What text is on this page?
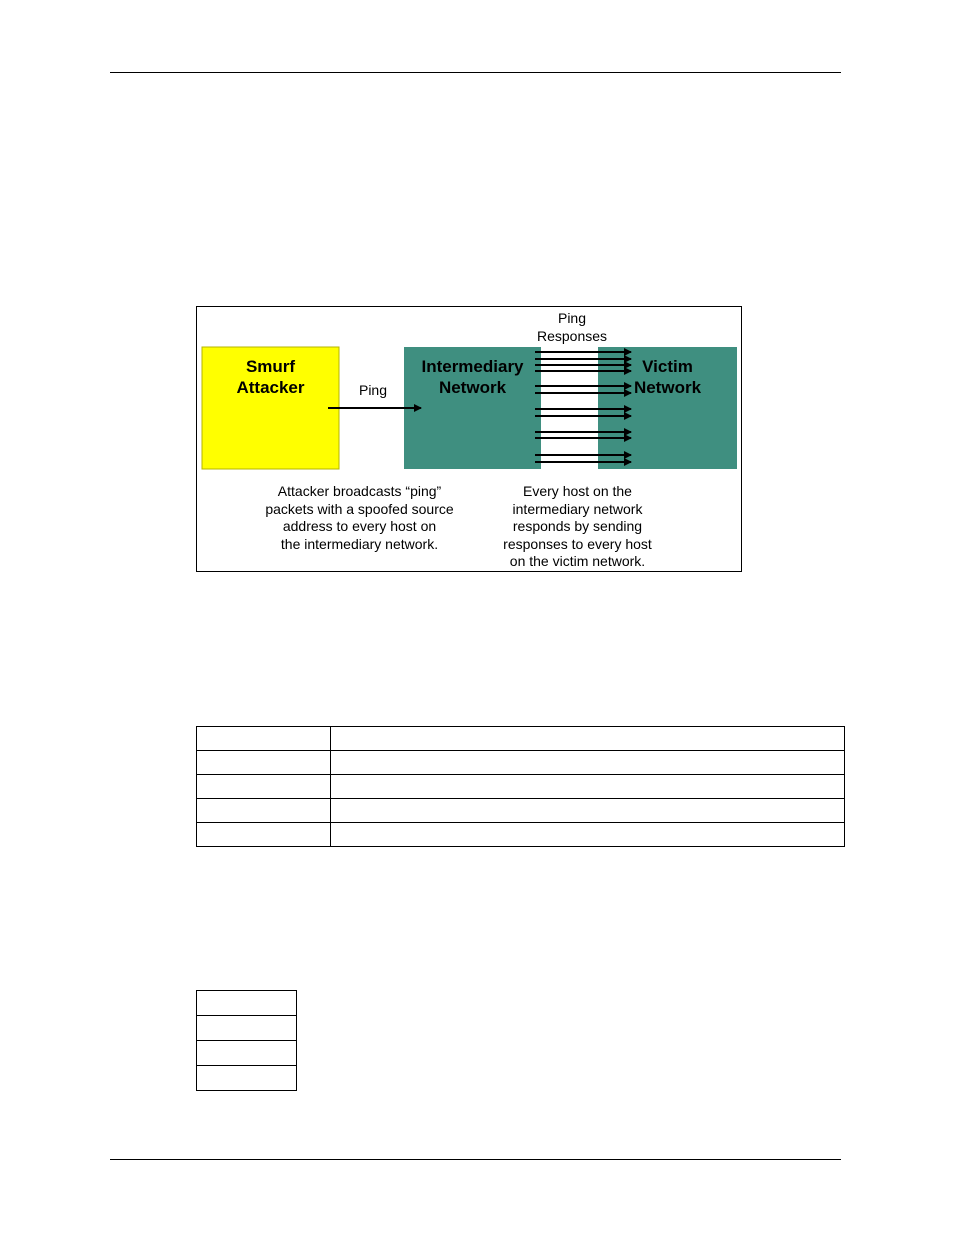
Smurf
Attacker
Intermediary
Network
Victim
Network
Ping
Ping
Responses
Attacker broadcasts “ping”
packets with a spoofed source
address to every host on
the intermediary network.
Every host on the
intermediary network
responds by sending
responses to every host
on the victim network.
